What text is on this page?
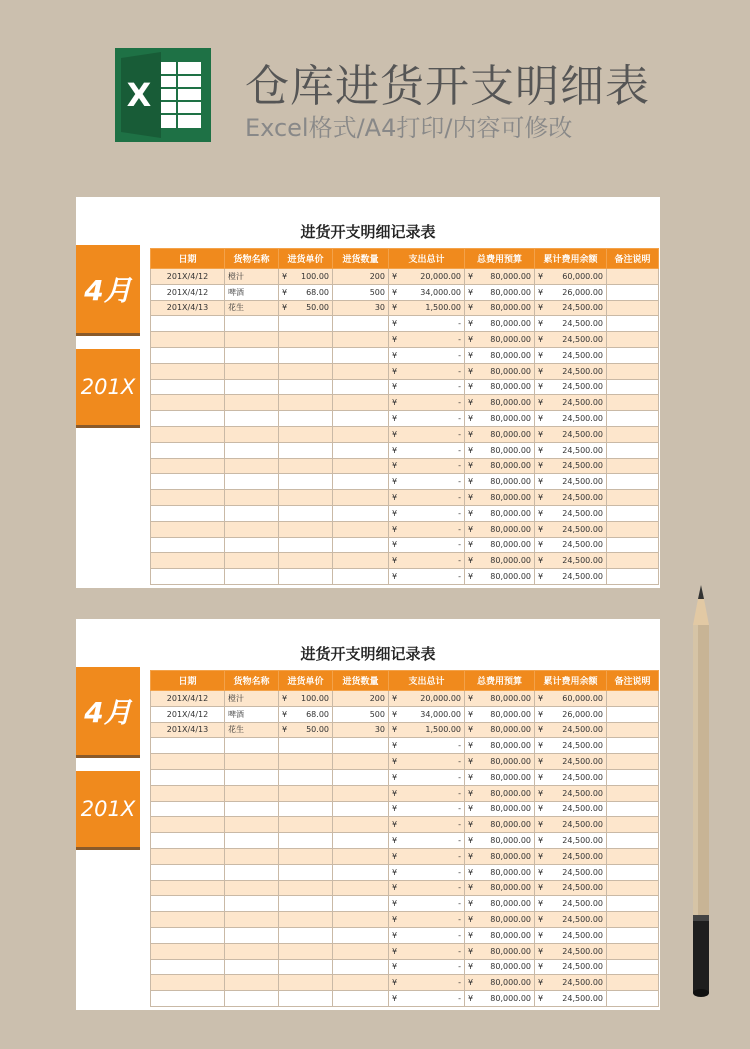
X 仓库进货开支明细表
Excel格式/A4打印/内容可修改
进货开支明细记录表
4月
201X
日期	货物名称	进货单价	进货数量	支出总计	总费用预算	累计费用余额	备注说明
201X/4/12	橙汁	¥ 100.00	200	¥ 20,000.00	¥ 80,000.00	¥ 60,000.00	
201X/4/12	啤酒	¥ 68.00	500	¥ 34,000.00	¥ 80,000.00	¥ 26,000.00	
201X/4/13	花生	¥ 50.00	30	¥ 1,500.00	¥ 80,000.00	¥ 24,500.00	

				¥ -	¥ 80,000.00	¥ 24,500.00	

				¥ -	¥ 80,000.00	¥ 24,500.00	

				¥ -	¥ 80,000.00	¥ 24,500.00	

				¥ -	¥ 80,000.00	¥ 24,500.00	

				¥ -	¥ 80,000.00	¥ 24,500.00	

				¥ -	¥ 80,000.00	¥ 24,500.00	

				¥ -	¥ 80,000.00	¥ 24,500.00	

				¥ -	¥ 80,000.00	¥ 24,500.00	

				¥ -	¥ 80,000.00	¥ 24,500.00	

				¥ -	¥ 80,000.00	¥ 24,500.00	

				¥ -	¥ 80,000.00	¥ 24,500.00	

				¥ -	¥ 80,000.00	¥ 24,500.00	

				¥ -	¥ 80,000.00	¥ 24,500.00	

				¥ -	¥ 80,000.00	¥ 24,500.00	

				¥ -	¥ 80,000.00	¥ 24,500.00	

				¥ -	¥ 80,000.00	¥ 24,500.00	

				¥ -	¥ 80,000.00	¥ 24,500.00	
进货开支明细记录表
4月
201X
日期	货物名称	进货单价	进货数量	支出总计	总费用预算	累计费用余额	备注说明
201X/4/12	橙汁	¥ 100.00	200	¥ 20,000.00	¥ 80,000.00	¥ 60,000.00	
201X/4/12	啤酒	¥ 68.00	500	¥ 34,000.00	¥ 80,000.00	¥ 26,000.00	
201X/4/13	花生	¥ 50.00	30	¥ 1,500.00	¥ 80,000.00	¥ 24,500.00	

				¥ -	¥ 80,000.00	¥ 24,500.00	

				¥ -	¥ 80,000.00	¥ 24,500.00	

				¥ -	¥ 80,000.00	¥ 24,500.00	

				¥ -	¥ 80,000.00	¥ 24,500.00	

				¥ -	¥ 80,000.00	¥ 24,500.00	

				¥ -	¥ 80,000.00	¥ 24,500.00	

				¥ -	¥ 80,000.00	¥ 24,500.00	

				¥ -	¥ 80,000.00	¥ 24,500.00	

				¥ -	¥ 80,000.00	¥ 24,500.00	

				¥ -	¥ 80,000.00	¥ 24,500.00	

				¥ -	¥ 80,000.00	¥ 24,500.00	

				¥ -	¥ 80,000.00	¥ 24,500.00	

				¥ -	¥ 80,000.00	¥ 24,500.00	

				¥ -	¥ 80,000.00	¥ 24,500.00	

				¥ -	¥ 80,000.00	¥ 24,500.00	

				¥ -	¥ 80,000.00	¥ 24,500.00	

				¥ -	¥ 80,000.00	¥ 24,500.00	
